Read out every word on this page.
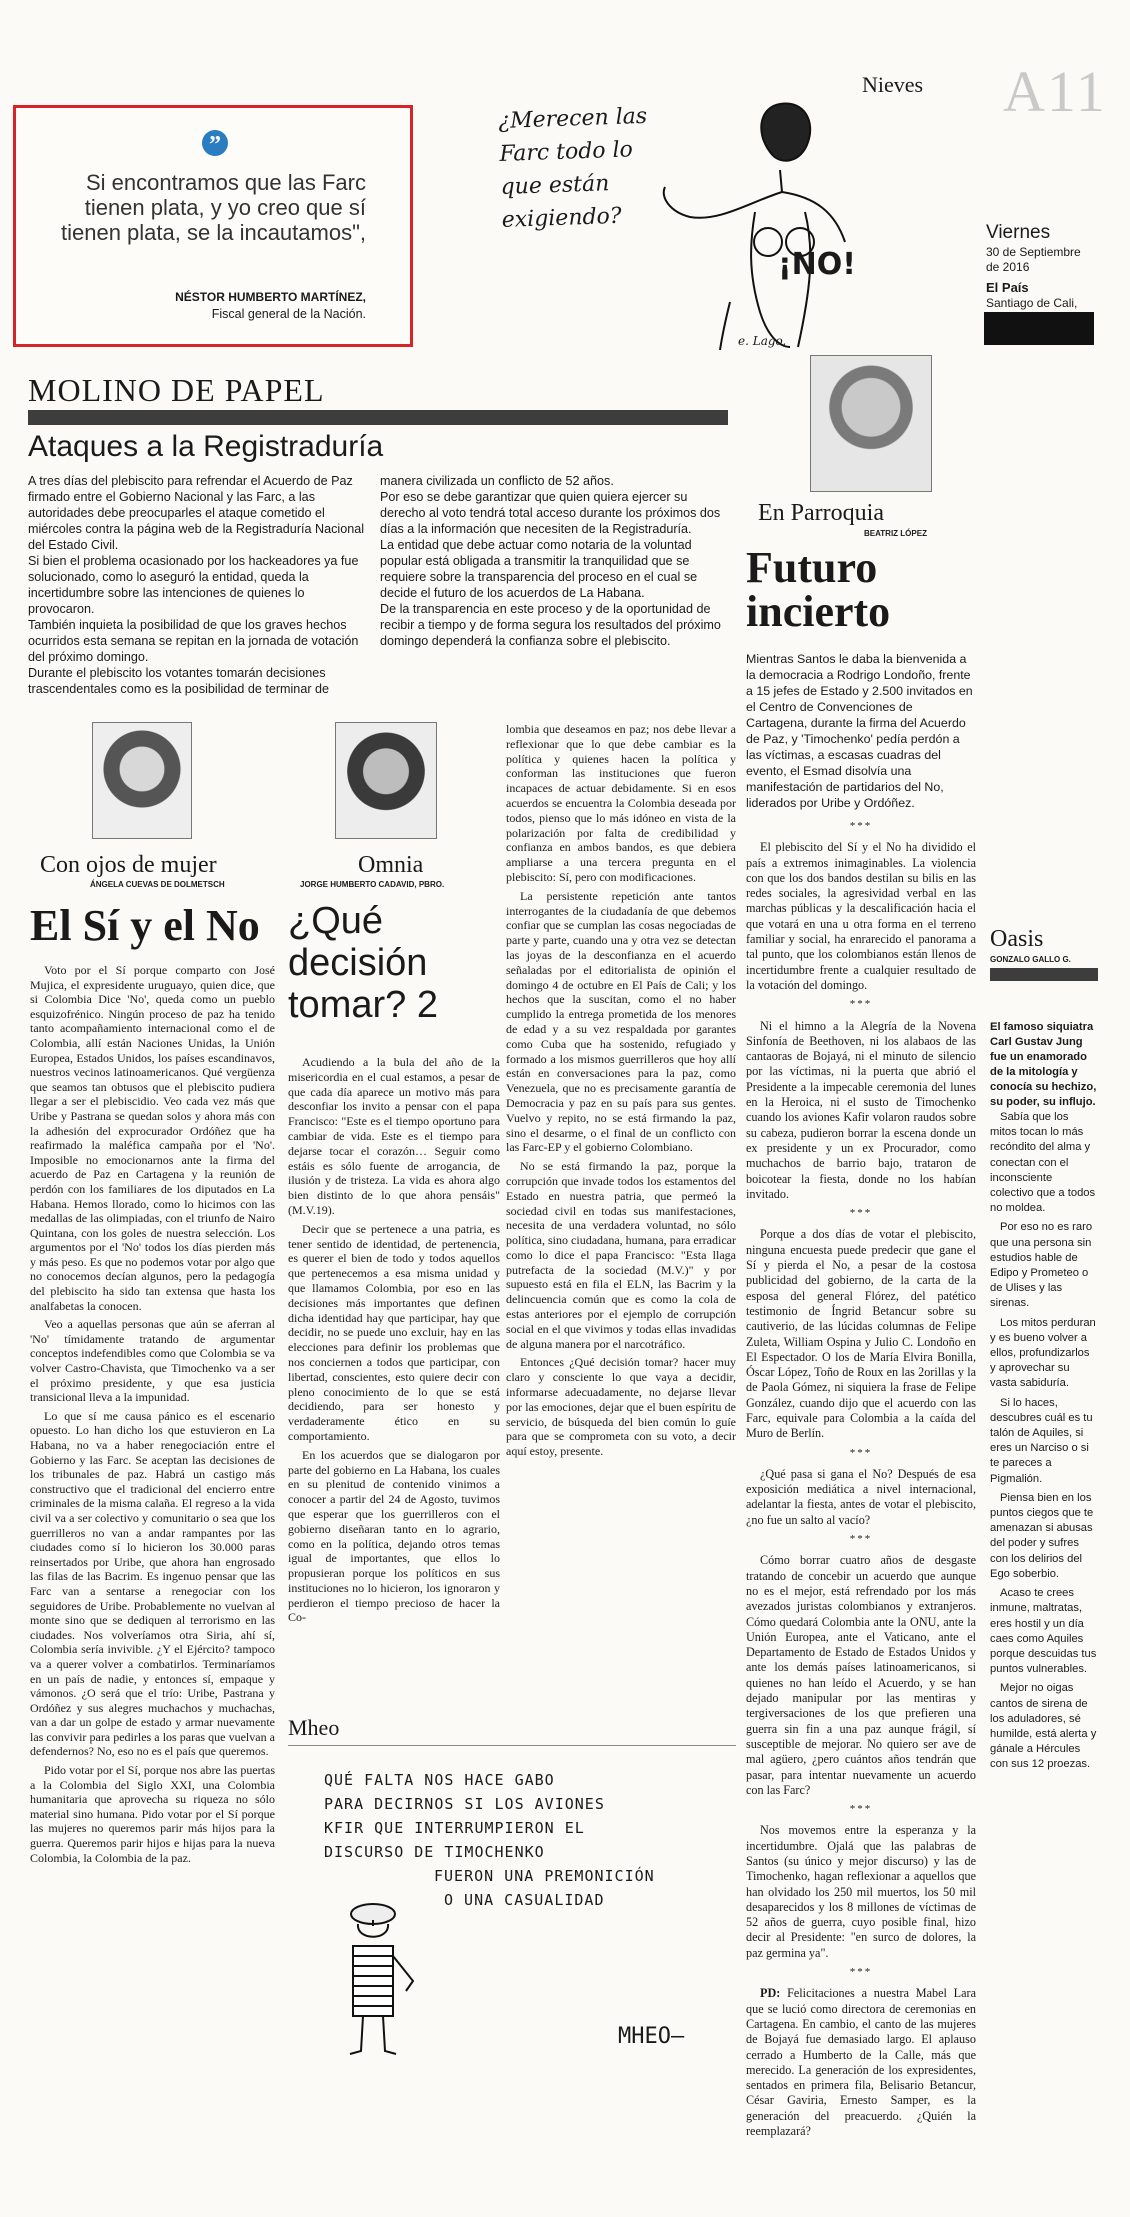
”
Si encontramos que las Farc tienen plata, y yo creo que sí tienen plata, se la incautamos",
NÉSTOR HUMBERTO MARTÍNEZ,
Fiscal general de la Nación.
Nieves
¿Merecen las Farc todo lo que están exigiendo?
¡NO!
e. Lago.
A11
Viernes
30 de Septiembre de 2016
El País
Santiago de Cali,
MOLINO DE PAPEL
Ataques a la Registraduría

A tres días del plebiscito para refrendar el Acuerdo de Paz firmado entre el Gobierno Nacional y las Farc, a las autoridades debe preocuparles el ataque cometido el miércoles contra la página web de la Registraduría Nacional del Estado Civil.

Si bien el problema ocasionado por los hackeadores ya fue solucionado, como lo aseguró la entidad, queda la incertidumbre sobre las intenciones de quienes lo provocaron.

También inquieta la posibilidad de que los graves hechos ocurridos esta semana se repitan en la jornada de votación del próximo domingo.

Durante el plebiscito los votantes tomarán decisiones trascendentales como es la posibilidad de terminar de

manera civilizada un conflicto de 52 años.

Por eso se debe garantizar que quien quiera ejercer su derecho al voto tendrá total acceso durante los próximos dos días a la información que necesiten de la Registraduría.

La entidad que debe actuar como notaria de la voluntad popular está obligada a transmitir la tranquilidad que se requiere sobre la transparencia del proceso en el cual se decide el futuro de los acuerdos de La Habana.

De la transparencia en este proceso y de la oportunidad de recibir a tiempo y de forma segura los resultados del próximo domingo dependerá la confianza sobre el plebiscito.

En Parroquia
BEATRIZ LÓPEZ
Futuro incierto
Mientras Santos le daba la bienvenida a la democracia a Rodrigo Londoño, frente a 15 jefes de Estado y 2.500 invitados en el Centro de Convenciones de Cartagena, durante la firma del Acuerdo de Paz, y 'Timochenko' pedía perdón a las víctimas, a escasas cuadras del evento, el Esmad disolvía una manifestación de partidarios del No, liderados por Uribe y Ordóñez.
***

El plebiscito del Sí y el No ha dividido el país a extremos inimaginables. La violencia con que los dos bandos destilan su bilis en las redes sociales, la agresividad verbal en las marchas públicas y la descalificación hacia el que votará en una u otra forma en el terreno familiar y social, ha enrarecido el panorama a tal punto, que los colombianos están llenos de incertidumbre frente a cualquier resultado de la votación del domingo.

***

Ni el himno a la Alegría de la Novena Sinfonía de Beethoven, ni los alabaos de las cantaoras de Bojayá, ni el minuto de silencio por las víctimas, ni la puerta que abrió el Presidente a la impecable ceremonia del lunes en la Heroica, ni el susto de Timochenko cuando los aviones Kafir volaron raudos sobre su cabeza, pudieron borrar la escena donde un ex presidente y un ex Procurador, como muchachos de barrio bajo, trataron de boicotear la fiesta, donde no los habían invitado.

***

Porque a dos días de votar el plebiscito, ninguna encuesta puede predecir que gane el Sí y pierda el No, a pesar de la costosa publicidad del gobierno, de la carta de la esposa del general Flórez, del patético testimonio de Íngrid Betancur sobre su cautiverio, de las lúcidas columnas de Felipe Zuleta, William Ospina y Julio C. Londoño en El Espectador. O los de María Elvira Bonilla, Óscar López, Toño de Roux en las 2orillas y la de Paola Gómez, ni siquiera la frase de Felipe González, cuando dijo que el acuerdo con las Farc, equivale para Colombia a la caída del Muro de Berlín.

***

¿Qué pasa si gana el No? Después de esa exposición mediática a nivel internacional, adelantar la fiesta, antes de votar el plebiscito, ¿no fue un salto al vacío?

***

Cómo borrar cuatro años de desgaste tratando de concebir un acuerdo que aunque no es el mejor, está refrendado por los más avezados juristas colombianos y extranjeros. Cómo quedará Colombia ante la ONU, ante la Unión Europea, ante el Vaticano, ante el Departamento de Estado de Estados Unidos y ante los demás países latinoamericanos, si quienes no han leído el Acuerdo, y se han dejado manipular por las mentiras y tergiversaciones de los que prefieren una guerra sin fin a una paz aunque frágil, sí susceptible de mejorar. No quiero ser ave de mal agüero, ¿pero cuántos años tendrán que pasar, para intentar nuevamente un acuerdo con las Farc?

***

Nos movemos entre la esperanza y la incertidumbre. Ojalá que las palabras de Santos (su único y mejor discurso) y las de Timochenko, hagan reflexionar a aquellos que han olvidado los 250 mil muertos, los 50 mil desaparecidos y los 8 millones de víctimas de 52 años de guerra, cuyo posible final, hizo decir al Presidente: "en surco de dolores, la paz germina ya".

***

PD: Felicitaciones a nuestra Mabel Lara que se lució como directora de ceremonias en Cartagena. En cambio, el canto de las mujeres de Bojayá fue demasiado largo. El aplauso cerrado a Humberto de la Calle, más que merecido. La generación de los expresidentes, sentados en primera fila, Belisario Betancur, César Gaviria, Ernesto Samper, es la generación del preacuerdo. ¿Quién la reemplazará?

Oasis
GONZALO GALLO G.
El famoso siquiatra Carl Gustav Jung fue un enamorado de la mitología y conocía su hechizo, su poder, su influjo.

Sabía que los mitos tocan lo más recóndito del alma y conectan con el inconsciente colectivo que a todos no moldea.

Por eso no es raro que una persona sin estudios hable de Edipo y Prometeo o de Ulises y las sirenas.

Los mitos perduran y es bueno volver a ellos, profundizarlos y aprovechar su vasta sabiduría.

Si lo haces, descubres cuál es tu talón de Aquiles, si eres un Narciso o si te pareces a Pigmalión.

Piensa bien en los puntos ciegos que te amenazan si abusas del poder y sufres con los delirios del Ego soberbio.

Acaso te crees inmune, maltratas, eres hostil y un día caes como Aquiles porque descuidas tus puntos vulnerables.

Mejor no oigas cantos de sirena de los aduladores, sé humilde, está alerta y gánale a Hércules con sus 12 proezas.

Con ojos de mujer
ÁNGELA CUEVAS DE DOLMETSCH
El Sí y el No

Voto por el Sí porque comparto con José Mujica, el expresidente uruguayo, quien dice, que si Colombia Dice 'No', queda como un pueblo esquizofrénico. Ningún proceso de paz ha tenido tanto acompañamiento internacional como el de Colombia, allí están Naciones Unidas, la Unión Europea, Estados Unidos, los países escandinavos, nuestros vecinos latinoamericanos. Qué vergüenza que seamos tan obtusos que el plebiscito pudiera llegar a ser el plebiscidio. Veo cada vez más que Uribe y Pastrana se quedan solos y ahora más con la adhesión del exprocurador Ordóñez que ha reafirmado la maléfica campaña por el 'No'. Imposible no emocionarnos ante la firma del acuerdo de Paz en Cartagena y la reunión de perdón con los familiares de los diputados en La Habana. Hemos llorado, como lo hicimos con las medallas de las olimpiadas, con el triunfo de Nairo Quintana, con los goles de nuestra selección. Los argumentos por el 'No' todos los días pierden más y más peso. Es que no podemos votar por algo que no conocemos decían algunos, pero la pedagogía del plebiscito ha sido tan extensa que hasta los analfabetas la conocen.

Veo a aquellas personas que aún se aferran al 'No' tímidamente tratando de argumentar conceptos indefendibles como que Colombia se va volver Castro-Chavista, que Timochenko va a ser el próximo presidente, y que esa justicia transicional lleva a la impunidad.

Lo que sí me causa pánico es el escenario opuesto. Lo han dicho los que estuvieron en La Habana, no va a haber renegociación entre el Gobierno y las Farc. Se aceptan las decisiones de los tribunales de paz. Habrá un castigo más constructivo que el tradicional del encierro entre criminales de la misma calaña. El regreso a la vida civil va a ser colectivo y comunitario o sea que los guerrilleros no van a andar rampantes por las ciudades como sí lo hicieron los 30.000 paras reinsertados por Uribe, que ahora han engrosado las filas de las Bacrim. Es ingenuo pensar que las Farc van a sentarse a renegociar con los seguidores de Uribe. Probablemente no vuelvan al monte sino que se dediquen al terrorismo en las ciudades. Nos volveríamos otra Siria, ahí sí, Colombia sería invivible. ¿Y el Ejército? tampoco va a querer volver a combatirlos. Terminaríamos en un país de nadie, y entonces sí, empaque y vámonos. ¿O será que el trío: Uribe, Pastrana y Ordóñez y sus alegres muchachos y muchachas, van a dar un golpe de estado y armar nuevamente las convivir para pedirles a los paras que vuelvan a defendernos? No, eso no es el país que queremos.

Pido votar por el Sí, porque nos abre las puertas a la Colombia del Siglo XXI, una Colombia humanitaria que aprovecha su riqueza no sólo material sino humana. Pido votar por el Sí porque las mujeres no queremos parir más hijos para la guerra. Queremos parir hijos e hijas para la nueva Colombia, la Colombia de la paz.

Omnia
JORGE HUMBERTO CADAVID, PBRO.
¿Qué decisión tomar? 2

Acudiendo a la bula del año de la misericordia en el cual estamos, a pesar de que cada día aparece un motivo más para desconfiar los invito a pensar con el papa Francisco: "Este es el tiempo oportuno para cambiar de vida. Este es el tiempo para dejarse tocar el corazón… Seguir como estáis es sólo fuente de arrogancia, de ilusión y de tristeza. La vida es ahora algo bien distinto de lo que ahora pensáis" (M.V.19).

Decir que se pertenece a una patria, es tener sentido de identidad, de pertenencia, es querer el bien de todo y todos aquellos que pertenecemos a esa misma unidad y que llamamos Colombia, por eso en las decisiones más importantes que definen dicha identidad hay que participar, hay que decidir, no se puede uno excluir, hay en las elecciones para definir los problemas que nos conciernen a todos que participar, con libertad, conscientes, esto quiere decir con pleno conocimiento de lo que se está decidiendo, para ser honesto y verdaderamente ético en su comportamiento.

En los acuerdos que se dialogaron por parte del gobierno en La Habana, los cuales en su plenitud de contenido vinimos a conocer a partir del 24 de Agosto, tuvimos que esperar que los guerrilleros con el gobierno diseñaran tanto en lo agrario, como en la política, dejando otros temas igual de importantes, que ellos lo propusieran porque los políticos en sus instituciones no lo hicieron, los ignoraron y perdieron el tiempo precioso de hacer la Co-

lombia que deseamos en paz; nos debe llevar a reflexionar que lo que debe cambiar es la política y quienes hacen la política y conforman las instituciones que fueron incapaces de actuar debidamente. Si en esos acuerdos se encuentra la Colombia deseada por todos, pienso que lo más idóneo en vista de la polarización por falta de credibilidad y confianza en ambos bandos, es que debiera ampliarse a una tercera pregunta en el plebiscito: Sí, pero con modificaciones.

La persistente repetición ante tantos interrogantes de la ciudadanía de que debemos confiar que se cumplan las cosas negociadas de parte y parte, cuando una y otra vez se detectan las joyas de la desconfianza en el acuerdo señaladas por el editorialista de opinión el domingo 4 de octubre en El País de Cali; y los hechos que la suscitan, como el no haber cumplido la entrega prometida de los menores de edad y a su vez respaldada por garantes como Cuba que ha sostenido, refugiado y formado a los mismos guerrilleros que hoy allí están en conversaciones para la paz, como Venezuela, que no es precisamente garantía de Democracia y paz en su país para sus gentes. Vuelvo y repito, no se está firmando la paz, sino el desarme, o el final de un conflicto con las Farc-EP y el gobierno Colombiano.

No se está firmando la paz, porque la corrupción que invade todos los estamentos del Estado en nuestra patria, que permeó la sociedad civil en todas sus manifestaciones, necesita de una verdadera voluntad, no sólo política, sino ciudadana, humana, para erradicar como lo dice el papa Francisco: "Esta llaga putrefacta de la sociedad (M.V.)" y por supuesto está en fila el ELN, las Bacrim y la delincuencia común que es como la cola de estas anteriores por el ejemplo de corrupción social en el que vivimos y todas ellas invadidas de alguna manera por el narcotráfico.

Entonces ¿Qué decisión tomar? hacer muy claro y consciente lo que vaya a decidir, informarse adecuadamente, no dejarse llevar por las emociones, dejar que el buen espíritu de servicio, de búsqueda del bien común lo guíe para que se comprometa con su voto, a decir aquí estoy, presente.

Mheo
QUÉ FALTA NOS HACE GABO
PARA DECIRNOS SI LOS AVIONES
KFIR QUE INTERRUMPIERON EL
DISCURSO DE TIMOCHENKO
FUERON UNA PREMONICIÓN
O UNA CASUALIDAD
MHEO—
